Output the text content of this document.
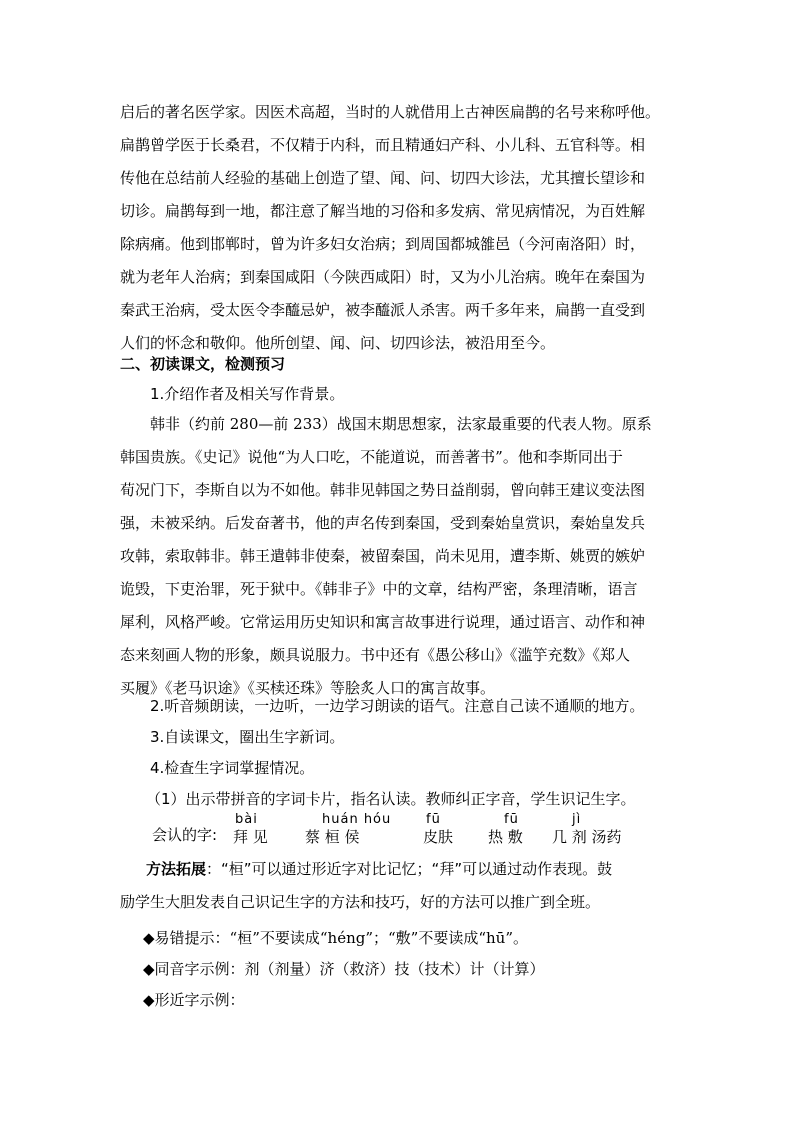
启后的著名医学家。因医术高超，当时的人就借用上古神医扁鹊的名号来称呼他。
扁鹊曾学医于长桑君，不仅精于内科，而且精通妇产科、小儿科、五官科等。相
传他在总结前人经验的基础上创造了望、闻、问、切四大诊法，尤其擅长望诊和
切诊。扁鹊每到一地，都注意了解当地的习俗和多发病、常见病情况，为百姓解
除病痛。他到邯郸时，曾为许多妇女治病；到周国都城雒邑（今河南洛阳）时，
就为老年人治病；到秦国咸阳（今陕西咸阳）时，又为小儿治病。晚年在秦国为
秦武王治病，受太医令李醯忌妒，被李醯派人杀害。两千多年来，扁鹊一直受到
人们的怀念和敬仰。他所创望、闻、问、切四诊法，被沿用至今。
二、初读课文，检测预习
1.介绍作者及相关写作背景。
韩非（约前 280—前 233）战国末期思想家，法家最重要的代表人物。原系
韩国贵族。《史记》说他“为人口吃，不能道说，而善著书”。他和李斯同出于
荀况门下，李斯自以为不如他。韩非见韩国之势日益削弱，曾向韩王建议变法图
强，未被采纳。后发奋著书，他的声名传到秦国，受到秦始皇赏识，秦始皇发兵
攻韩，索取韩非。韩王遣韩非使秦，被留秦国，尚未见用，遭李斯、姚贾的嫉妒
诡毁，下吏治罪，死于狱中。《韩非子》中的文章，结构严密，条理清晰，语言
犀利，风格严峻。它常运用历史知识和寓言故事进行说理，通过语言、动作和神
态来刻画人物的形象，颇具说服力。书中还有《愚公移山》《滥竽充数》《郑人
买履》《老马识途》《买椟还珠》等脍炙人口的寓言故事。
2.听音频朗读，一边听，一边学习朗读的语气。注意自己读不通顺的地方。
3.自读课文，圈出生字新词。
4.检查生字词掌握情况。
（1）出示带拼音的字词卡片，指名认读。教师纠正字音，学生识记生字。
会认的字:
bài
拜 见
huán hóu
蔡 桓 侯
fū
皮肤
fū
热 敷
jì
几 剂 汤药
方法拓展：“桓”可以通过形近字对比记忆；“拜”可以通过动作表现。鼓
励学生大胆发表自己识记生字的方法和技巧，好的方法可以推广到全班。
◆易错提示：“桓”不要读成“héng”；“敷”不要读成“hū”。
◆同音字示例：剂（剂量）济（救济）技（技术）计（计算）
◆形近字示例：
